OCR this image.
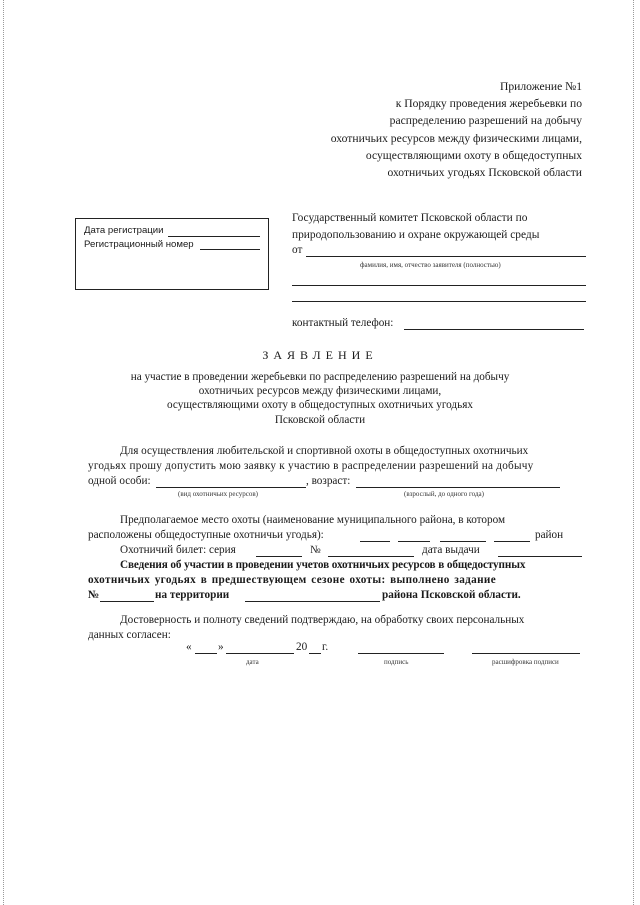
Приложение №1
к Порядку проведения жеребьевки по
распределению разрешений на добычу
охотничьих ресурсов между физическими лицами,
осуществляющими охоту в общедоступных
охотничьих угодьях Псковской области
Дата регистрации
Регистрационный номер
Государственный комитет Псковской области по
природопользованию и охране окружающей среды
от
фамилия, имя, отчество заявителя (полностью)
контактный телефон:
ЗАЯВЛЕНИЕ
на участие в проведении жеребьевки по распределению разрешений на добычу
охотничьих ресурсов между физическими лицами,
осуществляющими охоту в общедоступных охотничьих угодьях
Псковской области
Для осуществления любительской и спортивной охоты в общедоступных охотничьих
угодьях прошу допустить мою заявку к участию в распределении разрешений на добычу
одной особи:	, возраст:
(вид охотничьих ресурсов)	(взрослый, до одного года)
Предполагаемое место охоты (наименование муниципального района, в котором
расположены общедоступные охотничьи угодья):	район
Охотничий билет: серия	№	дата выдачи
Сведения об участии в проведении учетов охотничьих ресурсов в общедоступных
охотничьих угодьях в предшествующем сезоне охоты: выполнено задание
№	на территории	района Псковской области.
Достоверность и полноту сведений подтверждаю, на обработку своих персональных
данных согласен:
« »	20 г.
дата	подпись	расшифровка подписи
